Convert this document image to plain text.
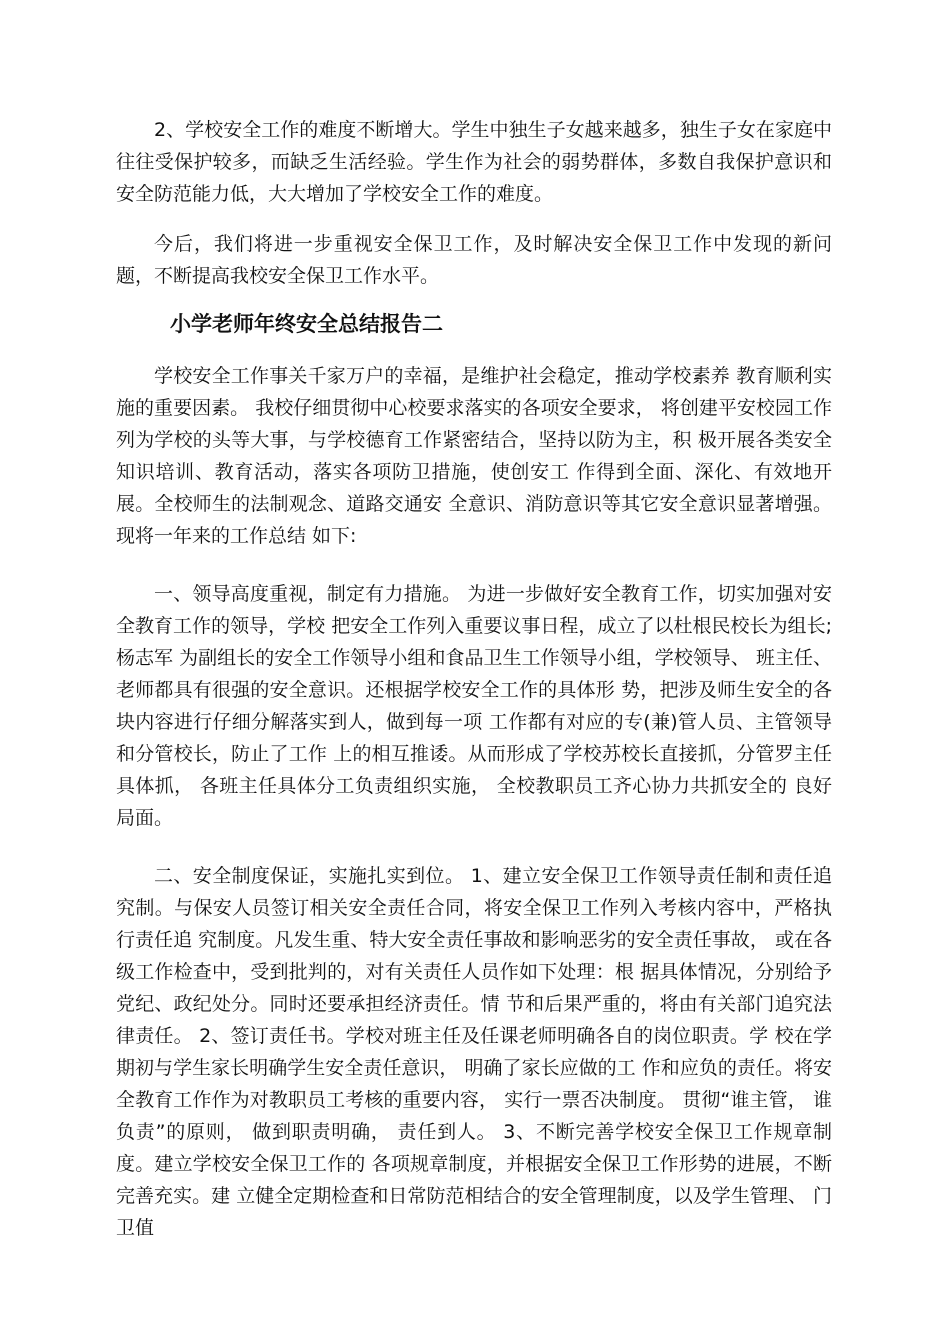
2、学校安全工作的难度不断增大。学生中独生子女越来越多，独生子女在家庭中往往受保护较多，而缺乏生活经验。学生作为社会的弱势群体，多数自我保护意识和安全防范能力低，大大增加了学校安全工作的难度。

今后，我们将进一步重视安全保卫工作，及时解决安全保卫工作中发现的新问题，不断提高我校安全保卫工作水平。

小学老师年终安全总结报告二

学校安全工作事关千家万户的幸福，是维护社会稳定，推动学校素养 教育顺利实施的重要因素。 我校仔细贯彻中心校要求落实的各项安全要求， 将创建平安校园工作列为学校的头等大事，与学校德育工作紧密结合，坚持以防为主，积 极开展各类安全知识培训、教育活动，落实各项防卫措施，使创安工 作得到全面、深化、有效地开展。全校师生的法制观念、道路交通安 全意识、消防意识等其它安全意识显著增强。现将一年来的工作总结 如下:

一、领导高度重视，制定有力措施。 为进一步做好安全教育工作，切实加强对安全教育工作的领导，学校 把安全工作列入重要议事日程，成立了以杜根民校长为组长; 杨志军 为副组长的安全工作领导小组和食品卫生工作领导小组，学校领导、 班主任、老师都具有很强的安全意识。还根据学校安全工作的具体形 势，把涉及师生安全的各块内容进行仔细分解落实到人，做到每一项 工作都有对应的专(兼)管人员、主管领导和分管校长，防止了工作 上的相互推诿。从而形成了学校苏校长直接抓，分管罗主任具体抓， 各班主任具体分工负责组织实施， 全校教职员工齐心协力共抓安全的 良好局面。

二、安全制度保证，实施扎实到位。 1、建立安全保卫工作领导责任制和责任追究制。与保安人员签订相关安全责任合同，将安全保卫工作列入考核内容中，严格执行责任追 究制度。凡发生重、特大安全责任事故和影响恶劣的安全责任事故， 或在各级工作检查中，受到批判的，对有关责任人员作如下处理：根 据具体情况，分别给予党纪、政纪处分。同时还要承担经济责任。情 节和后果严重的，将由有关部门追究法律责任。 2、签订责任书。学校对班主任及任课老师明确各自的岗位职责。学 校在学期初与学生家长明确学生安全责任意识， 明确了家长应做的工 作和应负的责任。将安全教育工作作为对教职员工考核的重要内容， 实行一票否决制度。 贯彻“谁主管， 谁负责”的原则， 做到职责明确， 责任到人。 3、不断完善学校安全保卫工作规章制度。建立学校安全保卫工作的 各项规章制度，并根据安全保卫工作形势的进展，不断完善充实。建 立健全定期检查和日常防范相结合的安全管理制度，以及学生管理、 门卫值
